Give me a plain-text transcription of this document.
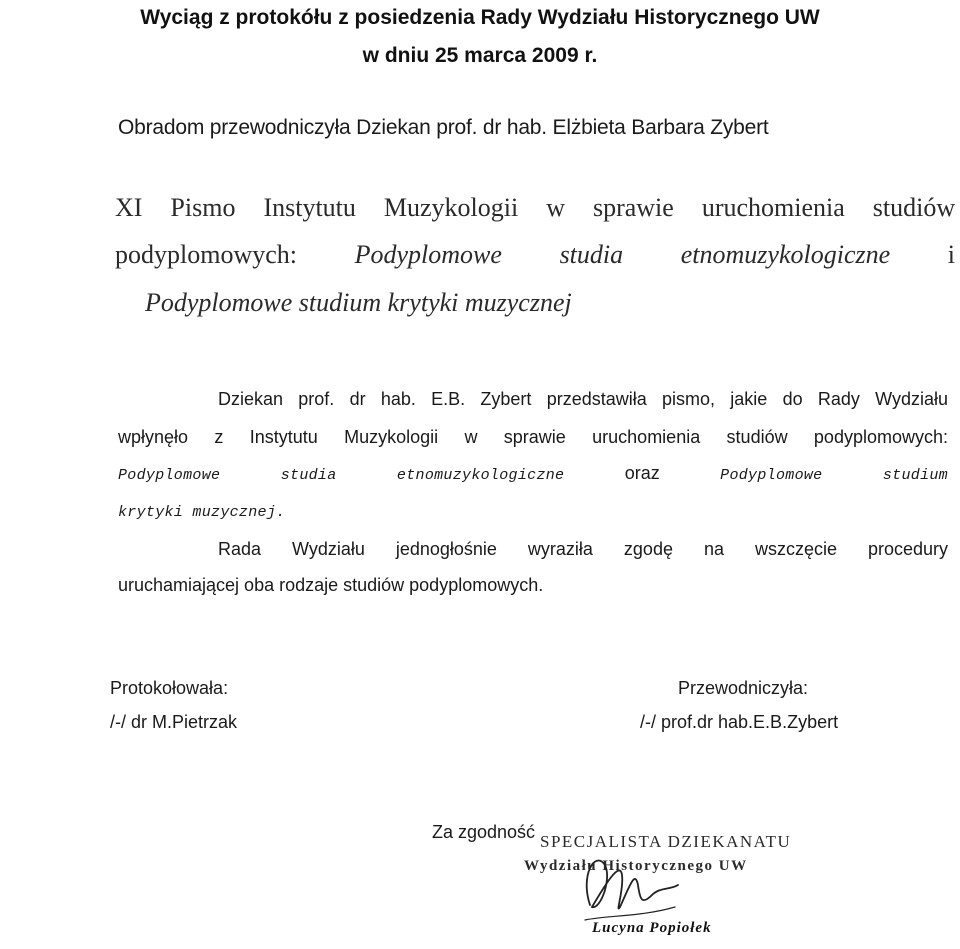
Wyciąg z protokółu z posiedzenia Rady Wydziału Historycznego UW
w dniu 25 marca 2009 r.
Obradom przewodniczyła Dziekan prof. dr hab. Elżbieta Barbara Zybert
XI Pismo Instytutu Muzykologii w sprawie uruchomienia studiów
podyplomowych: Podyplomowe studia etnomuzykologiczne i
Podyplomowe studium krytyki muzycznej
Dziekan prof. dr hab. E.B. Zybert przedstawiła pismo, jakie do Rady Wydziału
wpłynęło z Instytutu Muzykologii w sprawie uruchomienia studiów podyplomowych:
Podyplomowe	studia	etnomuzykologiczne	oraz	Podyplomowe	studium
krytyki muzycznej.
Rada Wydziału jednogłośnie wyraziła zgodę na wszczęcie procedury
uruchamiającej oba rodzaje studiów podyplomowych.
Protokołowała:
/-/ dr M.Pietrzak
Przewodniczyła:
/-/ prof.dr hab.E.B.Zybert
Za zgodność SPECJALISTA DZIEKANATU
Wydziału Historycznego UW
Lucyna Popiołek
